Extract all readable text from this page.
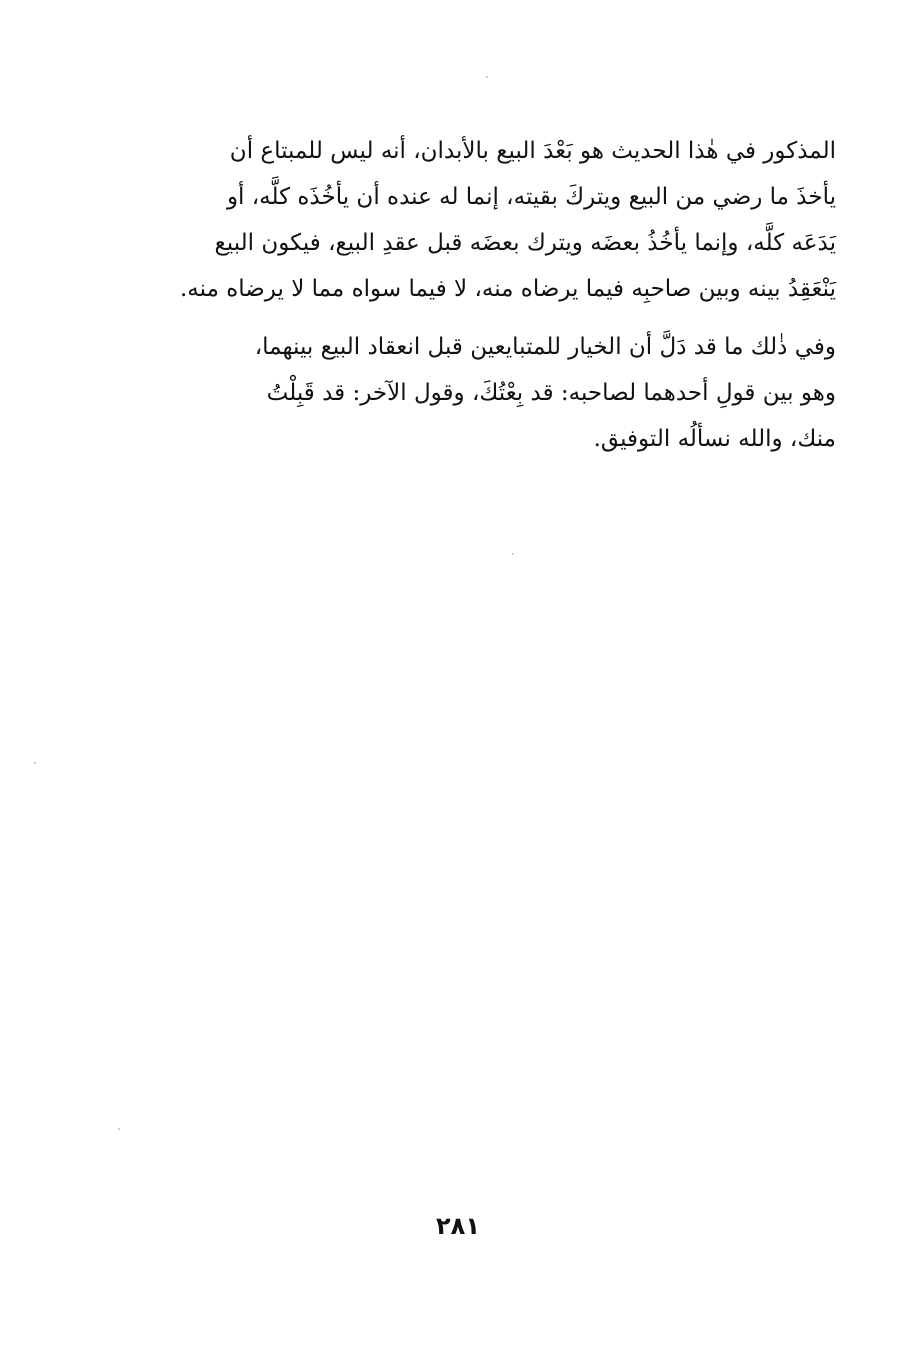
المذكور في هٰذا الحديث هو بَعْدَ البيع بالأبدان، أنه ليس للمبتاع أن
يأخذَ ما رضي من البيع ويتركَ بقيته، إنما له عنده أن يأخُذَه كلَّه، أو
يَدَعَه كلَّه، وإنما يأخُذُ بعضَه ويترك بعضَه قبل عقدِ البيع، فيكون البيع
يَنْعَقِدُ بينه وبين صاحبِه فيما يرضاه منه، لا فيما سواه مما لا يرضاه منه.
وفي ذٰلك ما قد دَلَّ أن الخيار للمتبايعين قبل انعقاد البيع بينهما،
وهو بين قولِ أحدهما لصاحبه: قد بِعْتُكَ، وقول الآخر: قد قَبِلْتُ
منك، والله نسألُه التوفيق.
٢٨١
